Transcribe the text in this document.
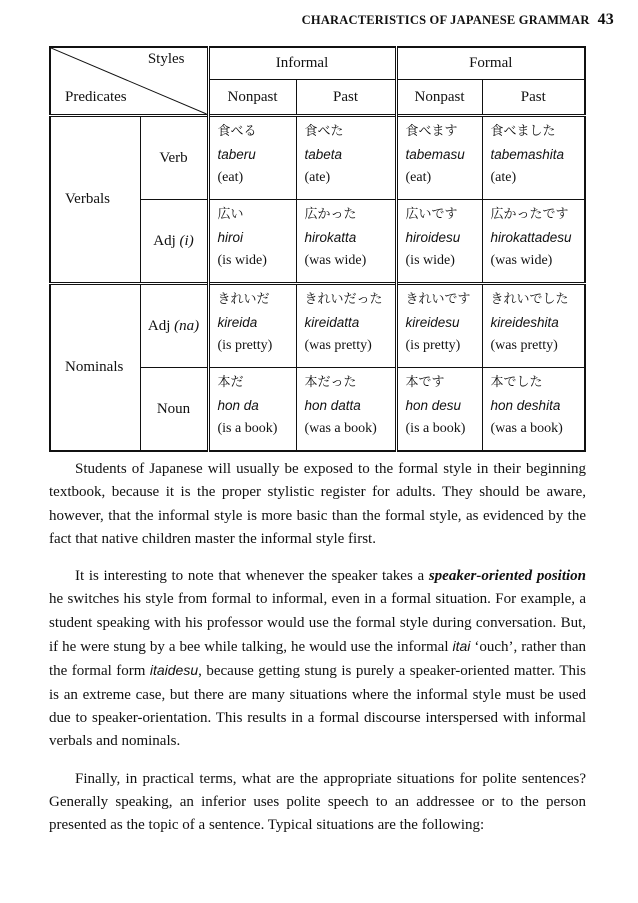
CHARACTERISTICS OF JAPANESE GRAMMAR 43
Styles
Predicates		Informal		Formal	
		Nonpast	Past	Nonpast	Past
Verbals	Verb	食べる
taberu
(eat)	食べた
tabeta
(ate)	食べます
tabemasu
(eat)	食べました
tabemashita
(ate)

	Adj (i)	広い
hiroi
(is wide)	広かった
hirokatta
(was wide)	広いです
hiroidesu
(is wide)	広かったです
hirokattadesu
(was wide)

Nominals	Adj (na)	きれいだ
kireida
(is pretty)	きれいだった
kireidatta
(was pretty)	きれいです
kireidesu
(is pretty)	きれいでした
kireideshita
(was pretty)

	Noun	本だ
hon da
(is a book)	本だった
hon datta
(was a book)	本です
hon desu
(is a book)	本でした
hon deshita
(was a book)

Students of Japanese will usually be exposed to the formal style in their beginning textbook, because it is the proper stylistic register for adults. They should be aware, however, that the informal style is more basic than the formal style, as evidenced by the fact that native children master the informal style first.

It is interesting to note that whenever the speaker takes a speaker-oriented position he switches his style from formal to informal, even in a formal situation. For example, a student speaking with his professor would use the formal style during conversation. But, if he were stung by a bee while talking, he would use the informal itai ‘ouch’, rather than the formal form itaidesu, because getting stung is purely a speaker-oriented matter. This is an extreme case, but there are many situations where the informal style must be used due to speaker-orientation. This results in a formal discourse interspersed with informal verbals and nominals.

Finally, in practical terms, what are the appropriate situations for polite sentences? Generally speaking, an inferior uses polite speech to an addressee or to the person presented as the topic of a sentence. Typical situations are the following:
